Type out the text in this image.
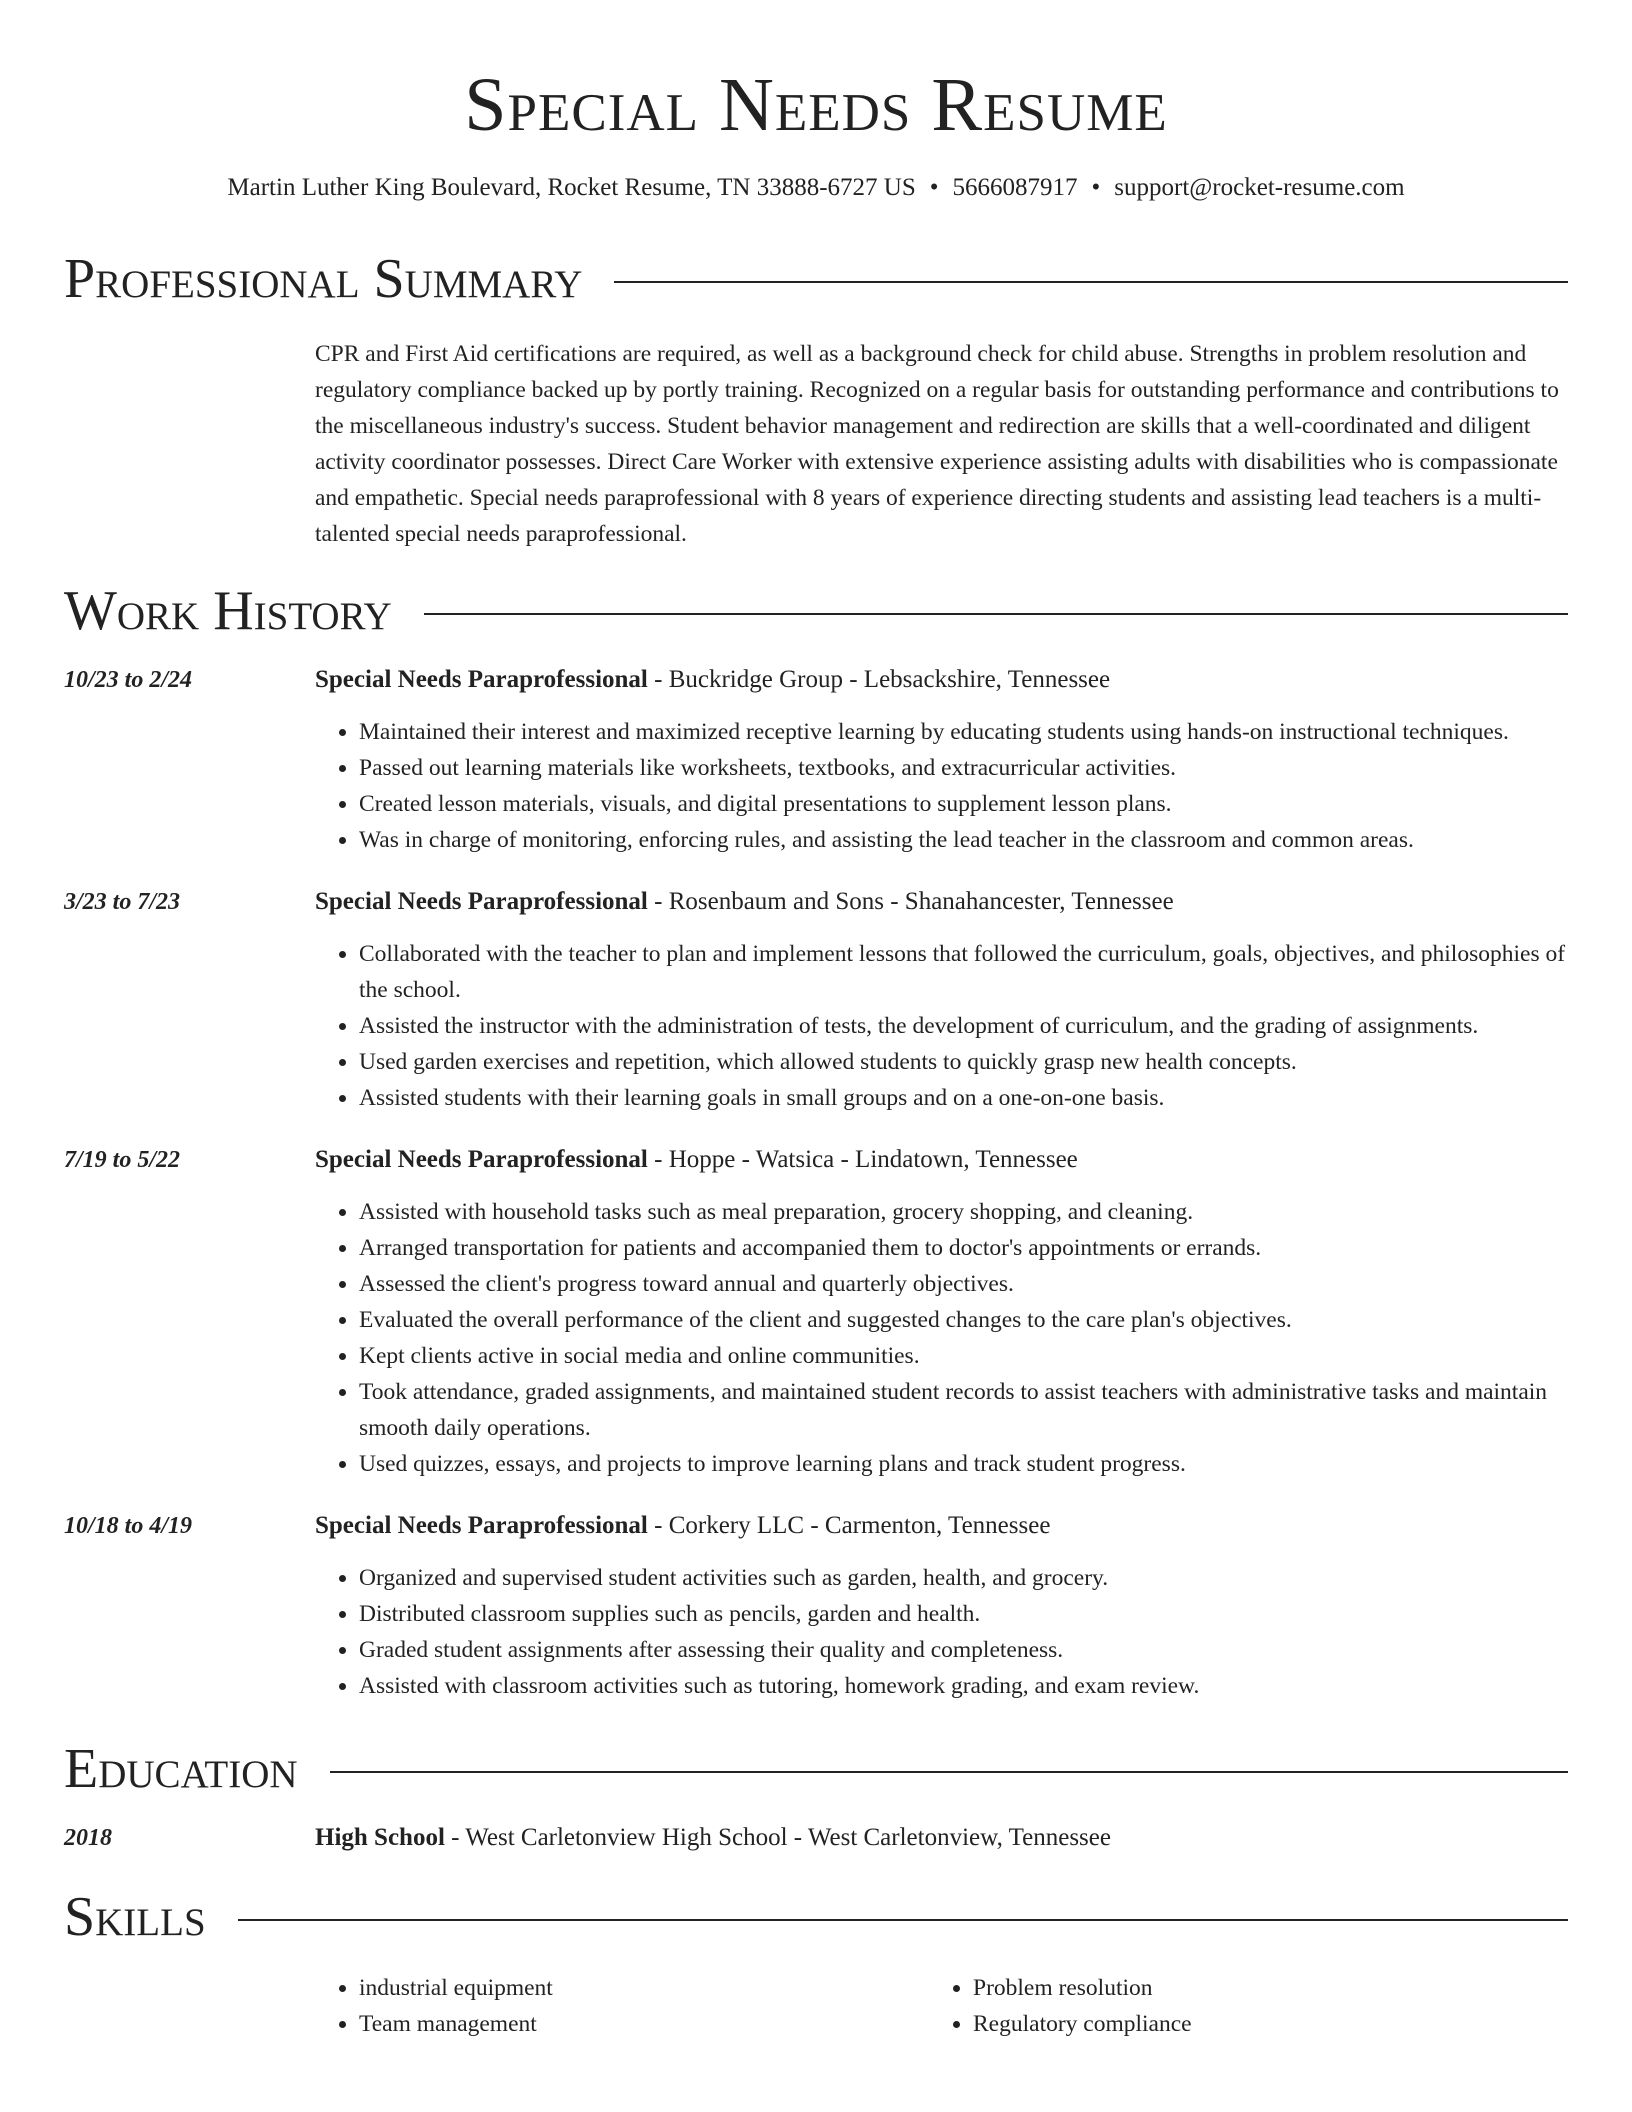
Special Needs Resume
Martin Luther King Boulevard, Rocket Resume, TN 33888-6727 US • 5666087917 • support@rocket-resume.com
Professional Summary

CPR and First Aid certifications are required, as well as a background check for child abuse. Strengths in problem resolution and regulatory compliance backed up by portly training. Recognized on a regular basis for outstanding performance and contributions to the miscellaneous industry's success. Student behavior management and redirection are skills that a well-coordinated and diligent activity coordinator possesses. Direct Care Worker with extensive experience assisting adults with disabilities who is compassionate and empathetic. Special needs paraprofessional with 8 years of experience directing students and assisting lead teachers is a multi-talented special needs paraprofessional.

Work History
10/23 to 2/24	Special Needs Paraprofessional - Buckridge Group - Lebsackshire, Tennessee
• Maintained their interest and maximized receptive learning by educating students using hands-on instructional techniques.
• Passed out learning materials like worksheets, textbooks, and extracurricular activities.
• Created lesson materials, visuals, and digital presentations to supplement lesson plans.
• Was in charge of monitoring, enforcing rules, and assisting the lead teacher in the classroom and common areas.
3/23 to 7/23	Special Needs Paraprofessional - Rosenbaum and Sons - Shanahancester, Tennessee
• Collaborated with the teacher to plan and implement lessons that followed the curriculum, goals, objectives, and philosophies of the school.
• Assisted the instructor with the administration of tests, the development of curriculum, and the grading of assignments.
• Used garden exercises and repetition, which allowed students to quickly grasp new health concepts.
• Assisted students with their learning goals in small groups and on a one-on-one basis.
7/19 to 5/22	Special Needs Paraprofessional - Hoppe - Watsica - Lindatown, Tennessee
• Assisted with household tasks such as meal preparation, grocery shopping, and cleaning.
• Arranged transportation for patients and accompanied them to doctor's appointments or errands.
• Assessed the client's progress toward annual and quarterly objectives.
• Evaluated the overall performance of the client and suggested changes to the care plan's objectives.
• Kept clients active in social media and online communities.
• Took attendance, graded assignments, and maintained student records to assist teachers with administrative tasks and maintain smooth daily operations.
• Used quizzes, essays, and projects to improve learning plans and track student progress.
10/18 to 4/19	Special Needs Paraprofessional - Corkery LLC - Carmenton, Tennessee
• Organized and supervised student activities such as garden, health, and grocery.
• Distributed classroom supplies such as pencils, garden and health.
• Graded student assignments after assessing their quality and completeness.
• Assisted with classroom activities such as tutoring, homework grading, and exam review.
Education
2018	High School - West Carletonview High School - West Carletonview, Tennessee
Skills
• industrial equipment
• Team management
• Problem resolution
• Regulatory compliance
